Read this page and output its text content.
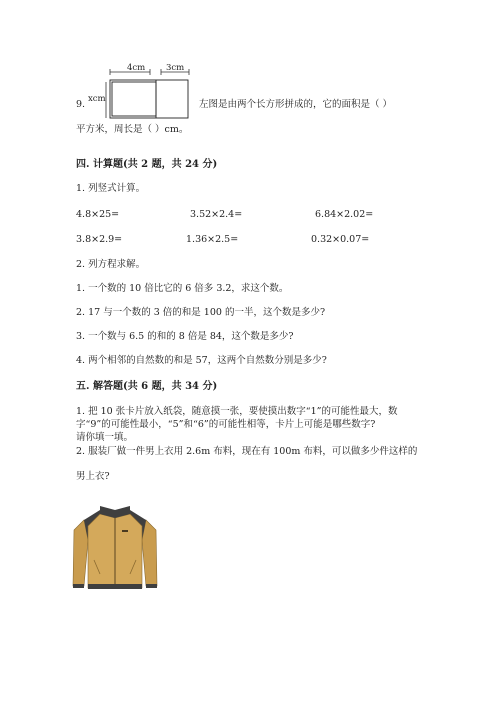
9.
4cm 3cm
xcm	左图是由两个长方形拼成的，它的面积是（ ）
平方米，周长是（ ）cm。
四. 计算题(共 2 题，共 24 分)
1. 列竖式计算。
4.8×25=	3.52×2.4=	6.84×2.02=
3.8×2.9=	1.36×2.5=	0.32×0.07=
2. 列方程求解。
1. 一个数的 10 倍比它的 6 倍多 3.2，求这个数。
2. 17 与一个数的 3 倍的和是 100 的一半，这个数是多少?
3. 一个数与 6.5 的和的 8 倍是 84，这个数是多少?
4. 两个相邻的自然数的和是 57，这两个自然数分别是多少?
五. 解答题(共 6 题，共 34 分)
1. 把 10 张卡片放入纸袋，随意摸一张，要使摸出数字“1”的可能性最大，数
字“9”的可能性最小，“5”和“6”的可能性相等，卡片上可能是哪些数字?
请你填一填。
2. 服装厂做一件男上衣用 2.6m 布料，现在有 100m 布料，可以做多少件这样的
男上衣?
